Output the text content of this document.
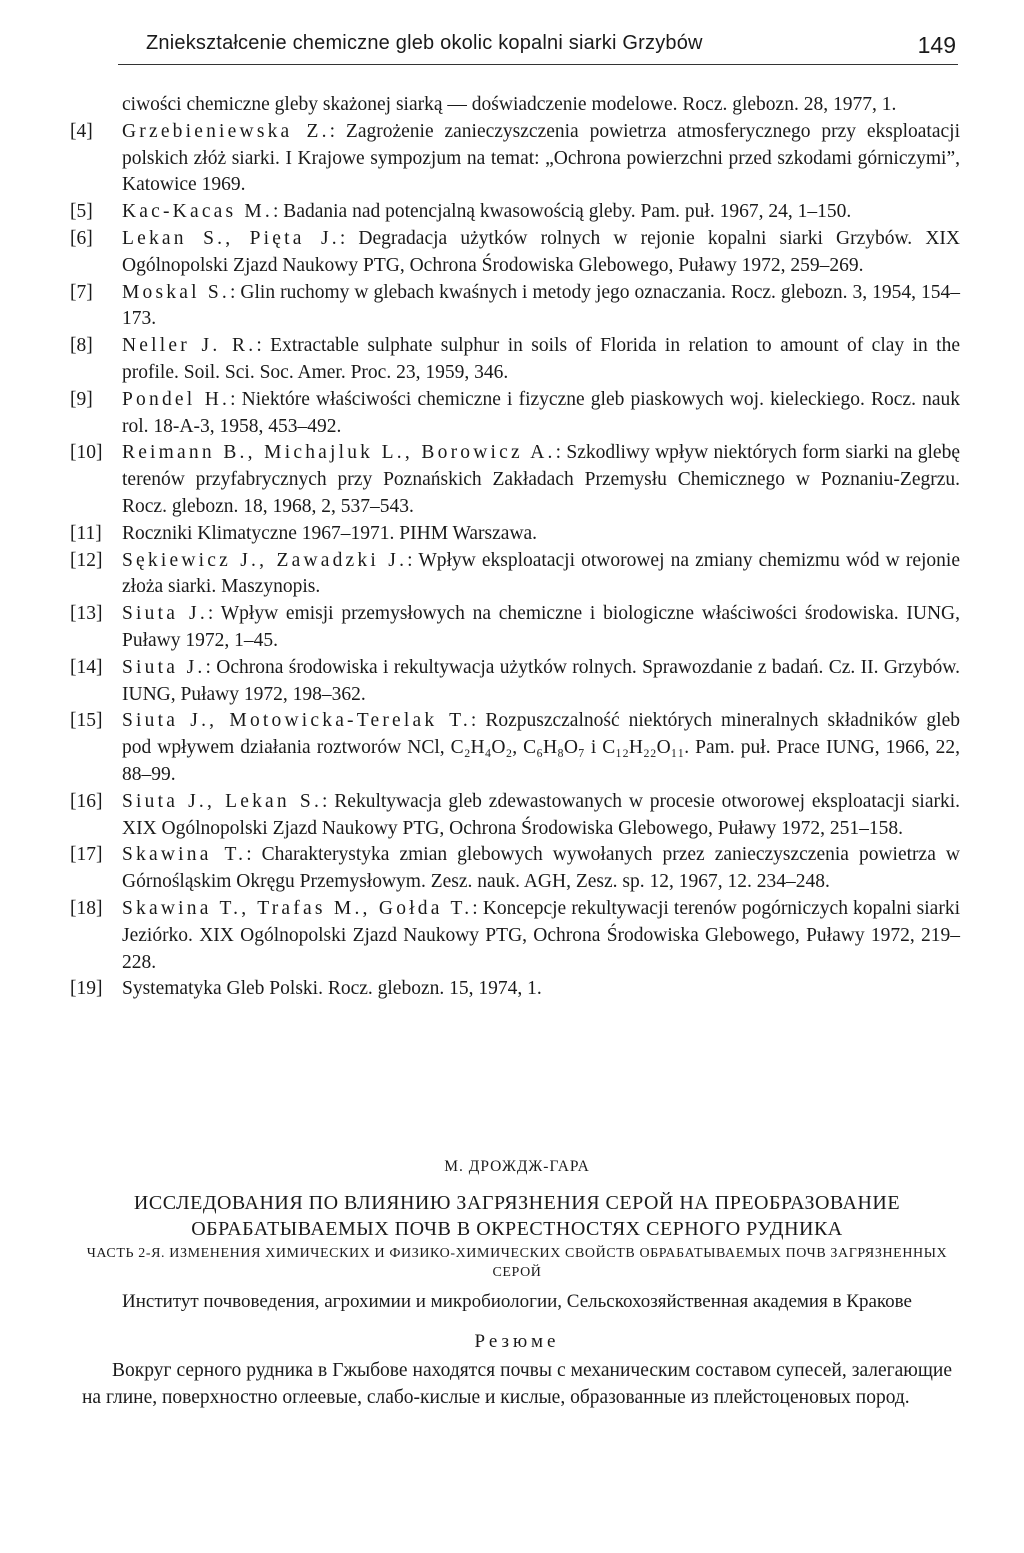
Zniekształcenie chemiczne gleb okolic kopalni siarki Grzybów	149

ciwości chemiczne gleby skażonej siarką — doświadczenie modelowe. Rocz. glebozn. 28, 1977, 1.

[4]	Grzebieniewska Z.: Zagrożenie zanieczyszczenia powietrza atmosferycznego przy eksploatacji polskich złóż siarki. I Krajowe sympozjum na temat: „Ochrona powierzchni przed szkodami górniczymi”, Katowice 1969.

[5]	Kac-Kacas M.: Badania nad potencjalną kwasowością gleby. Pam. puł. 1967, 24, 1–150.

[6]	Lekan S., Pięta J.: Degradacja użytków rolnych w rejonie kopalni siarki Grzybów. XIX Ogólnopolski Zjazd Naukowy PTG, Ochrona Środowiska Glebowego, Puławy 1972, 259–269.

[7]	Moskal S.: Glin ruchomy w glebach kwaśnych i metody jego oznaczania. Rocz. glebozn. 3, 1954, 154–173.

[8]	Neller J. R.: Extractable sulphate sulphur in soils of Florida in relation to amount of clay in the profile. Soil. Sci. Soc. Amer. Proc. 23, 1959, 346.

[9]	Pondel H.: Niektóre właściwości chemiczne i fizyczne gleb piaskowych woj. kieleckiego. Rocz. nauk rol. 18-A-3, 1958, 453–492.

[10]	Reimann B., Michajluk L., Borowicz A.: Szkodliwy wpływ niektórych form siarki na glebę terenów przyfabrycznych przy Poznańskich Zakładach Przemysłu Chemicznego w Poznaniu-Zegrzu. Rocz. glebozn. 18, 1968, 2, 537–543.

[11]	Roczniki Klimatyczne 1967–1971. PIHM Warszawa.

[12]	Sękiewicz J., Zawadzki J.: Wpływ eksploatacji otworowej na zmiany chemizmu wód w rejonie złoża siarki. Maszynopis.

[13]	Siuta J.: Wpływ emisji przemysłowych na chemiczne i biologiczne właściwości środowiska. IUNG, Puławy 1972, 1–45.

[14]	Siuta J.: Ochrona środowiska i rekultywacja użytków rolnych. Sprawozdanie z badań. Cz. II. Grzybów. IUNG, Puławy 1972, 198–362.

[15]	Siuta J., Motowicka-Terelak T.: Rozpuszczalność niektórych mineralnych składników gleb pod wpływem działania roztworów NCl, C₂H₄O₂, C₆H₈O₇ i C₁₂H₂₂O₁₁. Pam. puł. Prace IUNG, 1966, 22, 88–99.

[16]	Siuta J., Lekan S.: Rekultywacja gleb zdewastowanych w procesie otworowej eksploatacji siarki. XIX Ogólnopolski Zjazd Naukowy PTG, Ochrona Środowiska Glebowego, Puławy 1972, 251–158.

[17]	Skawina T.: Charakterystyka zmian glebowych wywołanych przez zanieczyszczenia powietrza w Górnośląskim Okręgu Przemysłowym. Zesz. nauk. AGH, Zesz. sp. 12, 1967, 12. 234–248.

[18]	Skawina T., Trafas M., Gołda T.: Koncepcje rekultywacji terenów pogórniczych kopalni siarki Jeziórko. XIX Ogólnopolski Zjazd Naukowy PTG, Ochrona Środowiska Glebowego, Puławy 1972, 219–228.

[19]	Systematyka Gleb Polski. Rocz. glebozn. 15, 1974, 1.

М. ДРОЖДЖ-ГАРА

ИССЛЕДОВАНИЯ ПО ВЛИЯНИЮ ЗАГРЯЗНЕНИЯ СЕРОЙ НА ПРЕОБРАЗОВАНИЕ ОБРАБАТЫВАЕМЫХ ПОЧВ В ОКРЕСТНОСТЯХ СЕРНОГО РУДНИКА

ЧАСТЬ 2-Я. ИЗМЕНЕНИЯ ХИМИЧЕСКИХ И ФИЗИКО-ХИМИЧЕСКИХ СВОЙСТВ ОБРАБАТЫВАЕМЫХ ПОЧВ ЗАГРЯЗНЕННЫХ СЕРОЙ

Институт почвоведения, агрохимии и микробиологии, Сельскохозяйственная академия в Кракове

Резюме

Вокруг серного рудника в Гжыбове находятся почвы с механическим составом супесей, залегающие на глине, поверхностно оглеевые, слабо-кислые и кислые, образованные из плейстоценовых пород.
